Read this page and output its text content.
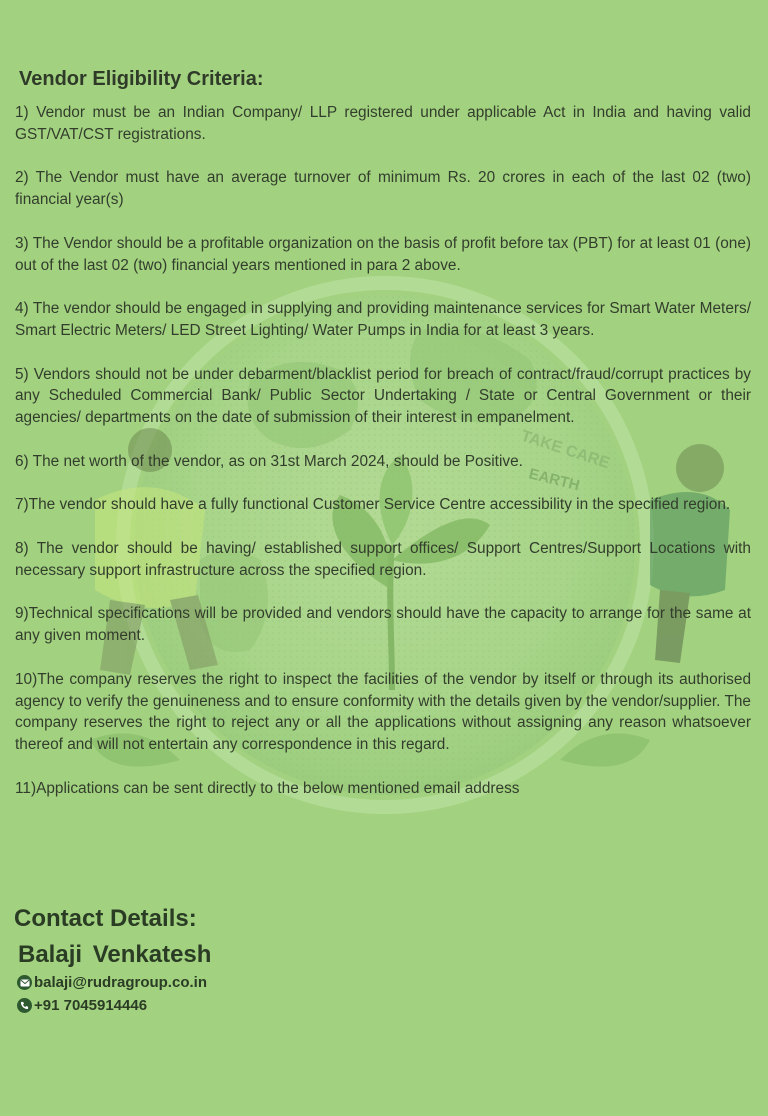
TAKE CARE
EARTH
Vendor Eligibility Criteria:

1) Vendor must be an Indian Company/ LLP registered under applicable Act in India and having valid GST/VAT/CST registrations.

2) The Vendor must have an average turnover of minimum Rs. 20 crores in each of the last 02 (two) financial year(s)

3) The Vendor should be a profitable organization on the basis of profit before tax (PBT) for at least 01 (one) out of the last 02 (two) financial years mentioned in para 2 above.

4) The vendor should be engaged in supplying and providing maintenance services for Smart Water Meters/ Smart Electric Meters/ LED Street Lighting/ Water Pumps in India for at least 3 years.

5) Vendors should not be under debarment/blacklist period for breach of contract/fraud/corrupt practices by any Scheduled Commercial Bank/ Public Sector Undertaking / State or Central Government or their agencies/ departments on the date of submission of their interest in empanelment.

6) The net worth of the vendor, as on 31st March 2024, should be Positive.

7)The vendor should have a fully functional Customer Service Centre accessibility in the specified region.

8) The vendor should be having/ established support offices/ Support Centres/Support Locations with necessary support infrastructure across the specified region.

9)Technical specifications will be provided and vendors should have the capacity to arrange for the same at any given moment.

10)The company reserves the right to inspect the facilities of the vendor by itself or through its authorised agency to verify the genuineness and to ensure conformity with the details given by the vendor/supplier. The company reserves the right to reject any or all the applications without assigning any reason whatsoever thereof and will not entertain any correspondence in this regard.

11)Applications can be sent directly to the below mentioned email address

Contact Details:
Balaji Venkatesh
balaji@rudragroup.co.in
+91 7045914446
